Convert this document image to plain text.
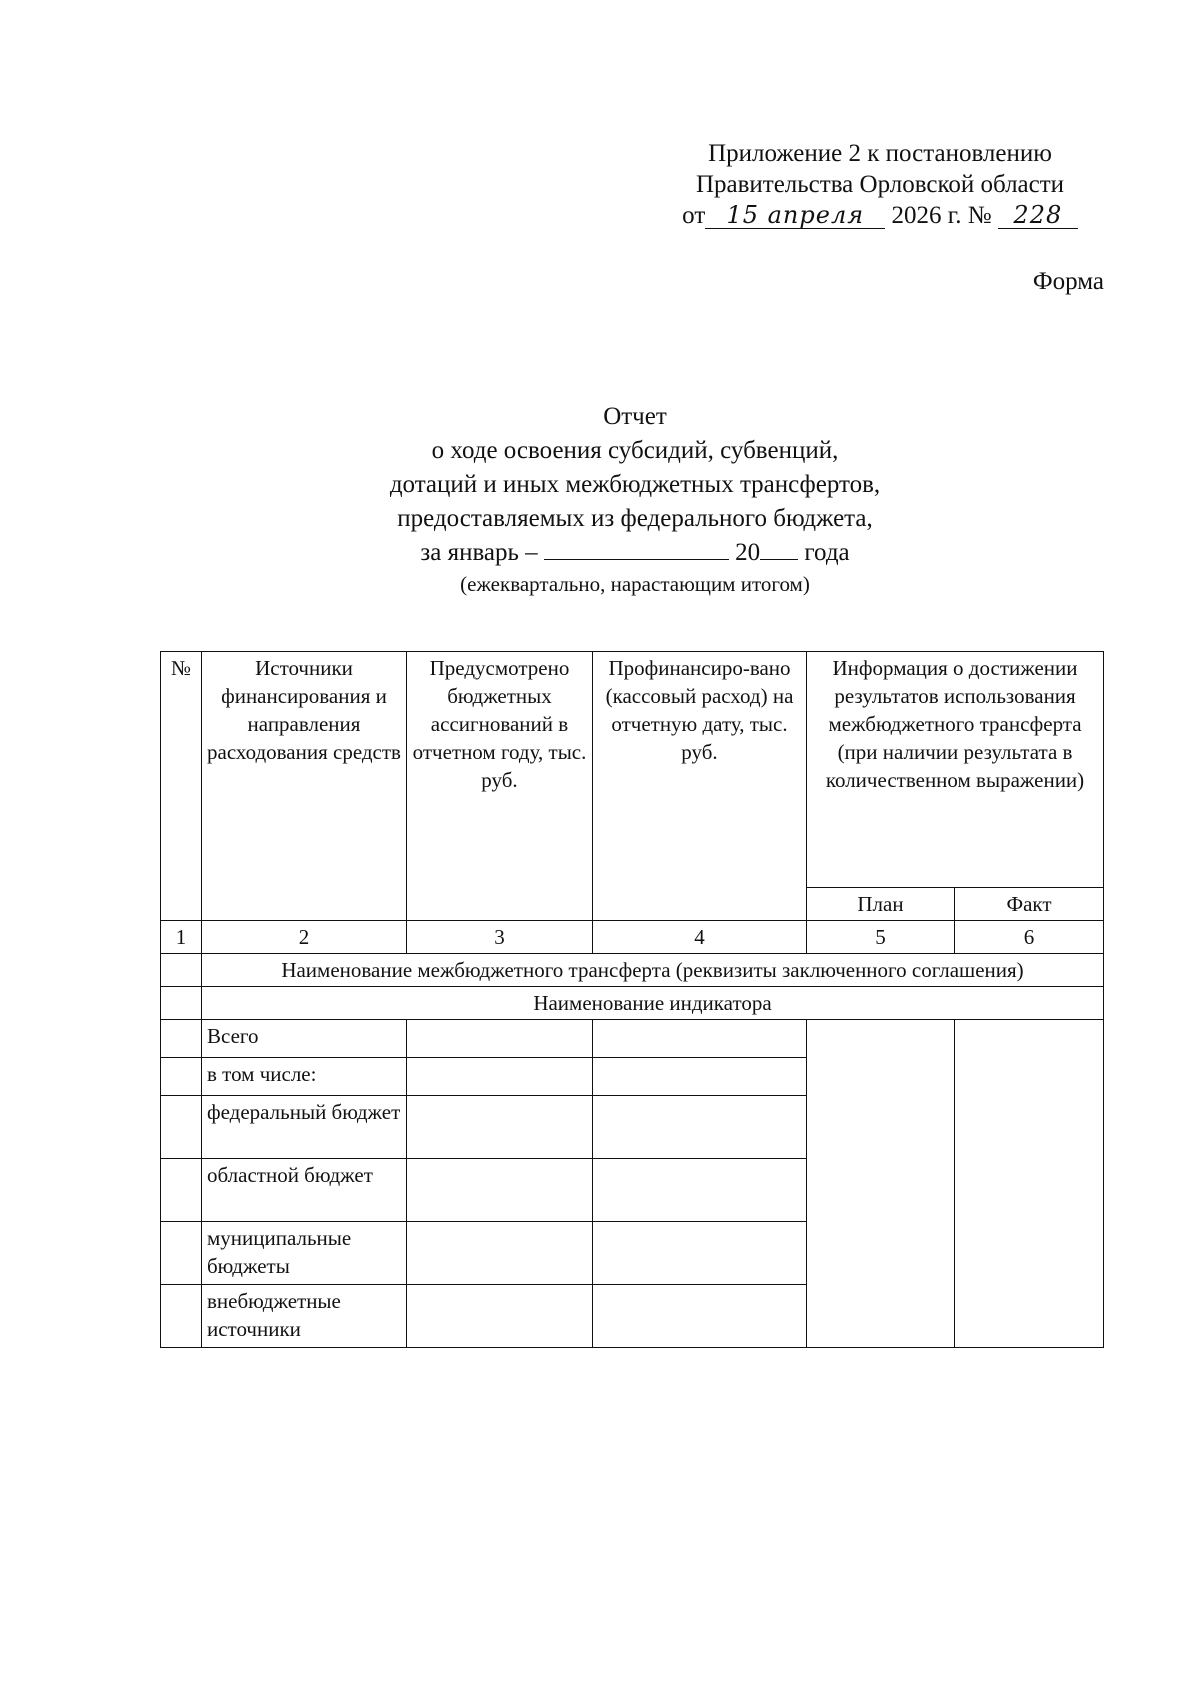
Приложение 2 к постановлению
Правительства Орловской области
от 15 апреля 2026 г. № 228
Форма
Отчет
о ходе освоения субсидий, субвенций,
дотаций и иных межбюджетных трансфертов,
предоставляемых из федерального бюджета,
за январь –	20 года
(ежеквартально, нарастающим итогом)
№	Источники финансирования и направления расходования средств	Предусмотрено бюджетных ассигнований в отчетном году, тыс. руб.	Профинансиро-вано (кассовый расход) на отчетную дату, тыс. руб.	Информация о достижении результатов использования межбюджетного трансферта (при наличии результата в количественном выражении)	
				План	Факт
1	2	3	4	5	6
	Наименование межбюджетного трансферта (реквизиты заключенного соглашения)				
	Наименование индикатора				
	Всего				
	в том числе:				
	федеральный бюджет				
	областной бюджет				
	муниципальные бюджеты				
	внебюджетные источники				
